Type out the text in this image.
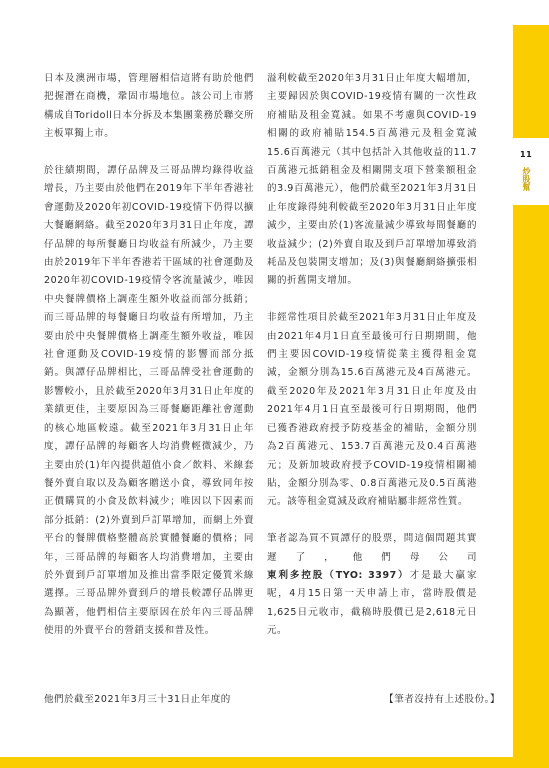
11
炒股幫

日本及澳洲市場，管理層相信這將有助於他們把握潛在商機，鞏固市場地位。該公司上市將構成自Toridoll日本分拆及本集團業務於聯交所主板單獨上市。

於往績期間，譚仔品牌及三哥品牌均錄得收益增長，乃主要由於他們在2019年下半年香港社會運動及2020年初COVID-19疫情下仍得以擴大餐廳網絡。截至2020年3月31日止年度，譚仔品牌的每所餐廳日均收益有所減少，乃主要由於2019年下半年香港若干區域的社會運動及2020年初COVID-19疫情令客流量減少，唯因中央餐牌價格上調產生額外收益而部分抵銷；而三哥品牌的每餐廳日均收益有所增加，乃主要由於中央餐牌價格上調產生額外收益，唯因社會運動及COVID-19疫情的影響而部分抵銷。與譚仔品牌相比，三哥品牌受社會運動的影響較小，且於截至2020年3月31日止年度的業績更佳，主要原因為三哥餐廳距離社會運動的核心地區較遠。截至2021年3月31日止年度，譚仔品牌的每顧客人均消費輕微減少，乃主要由於(1)年內提供超值小食／飲料、米線套餐外賣自取以及為顧客贈送小食，導致同年按正價購買的小食及飲料減少；唯因以下因素而部分抵銷：(2)外賣到戶訂單增加，而網上外賣平台的餐牌價格整體高於實體餐廳的價格；同年，三哥品牌的每顧客人均消費增加，主要由於外賣到戶訂單增加及推出當季限定優質米線選擇。三哥品牌外賣到戶的增長較譚仔品牌更為顯著，他們相信主要原因在於年內三哥品牌使用的外賣平台的營銷支援和普及性。

溢利較截至2020年3月31日止年度大幅增加，主要歸因於與COVID-19疫情有關的一次性政府補貼及租金寬減。如果不考慮與COVID-19相關的政府補貼154.5百萬港元及租金寬減15.6百萬港元（其中包括計入其他收益的11.7百萬港元抵銷租金及相關開支項下營業額租金的3.9百萬港元），他們於截至2021年3月31日止年度錄得純利較截至2020年3月31日止年度減少，主要由於(1)客流量減少導致每間餐廳的收益減少；(2)外賣自取及到戶訂單增加導致消耗品及包裝開支增加；及(3)與餐廳網絡擴張相關的折舊開支增加。

非經常性項目於截至2021年3月31日止年度及由2021年4月1日直至最後可行日期期間，他們主要因COVID-19疫情從業主獲得租金寬減，金額分別為15.6百萬港元及4百萬港元。截至2020年及2021年3月31日止年度及由2021年4月1日直至最後可行日期期間，他們已獲香港政府授予防疫基金的補貼，金額分別為2百萬港元、153.7百萬港元及0.4百萬港元；及新加坡政府授予COVID-19疫情相關補貼，金額分別為零、0.8百萬港元及0.5百萬港元。該等租金寬減及政府補貼屬非經常性質。

筆者認為買不買譚仔的股票，問這個問題其實遲了，他們母公司東利多控股（TYO: 3397）才是最大贏家呢，4月15日第一天申請上市，當時股價是1,625日元收市，截稿時股價已是2,618元日元。

他們於截至2021年3月三十31日止年度的	【筆者沒持有上述股份。】
